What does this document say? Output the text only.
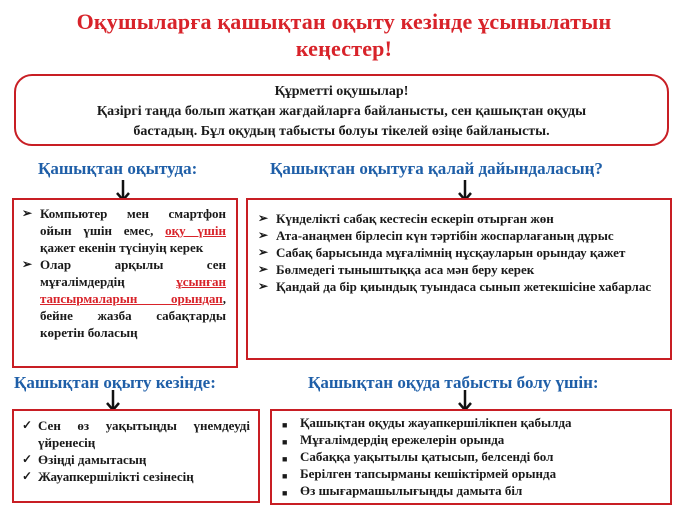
Оқушыларға қашықтан оқыту кезінде ұсынылатын
кеңестер!
Құрметті оқушылар!
Қазіргі таңда болып жатқан жағдайларға байланысты, сен қашықтан оқуды
бастадың. Бұл оқудың табысты болуы тікелей өзіңе байланысты.
Қашықтан оқытуда:
➢ Компьютер мен смартфон ойын үшін емес, оқу үшін қажет екенін түсінуің керек
➢ Олар арқылы сен мұғалімдердің ұсынған тапсырмаларын орындап, бейне жазба сабақтарды көретін боласың
Қашықтан оқытуға қалай дайындаласың?
➢ Күнделікті сабақ кестесін ескеріп отырған жөн
➢ Ата-анаңмен бірлесіп күн тәртібін жоспарлағаның дұрыс
➢ Сабақ барысында мұғалімнің нұсқауларын орындау қажет
➢ Бөлмедегі тыныштыққа аса мән беру керек
➢ Қандай да бір қиындық туындаса сынып жетекшісіне хабарлас
Қашықтан оқыту кезінде:
✓ Сен өз уақытыңды үнемдеуді үйренесің
✓ Өзіңді дамытасың
✓ Жауапкершілікті сезінесің
Қашықтан оқуда табысты болу үшін:
■ Қашықтан оқуды жауапкершілікпен қабылда
■ Мұғалімдердің ережелерін орында
■ Сабаққа уақытылы қатысып, белсенді бол
■ Берілген тапсырманы кешіктірмей орында
■ Өз шығармашылығыңды дамыта біл
